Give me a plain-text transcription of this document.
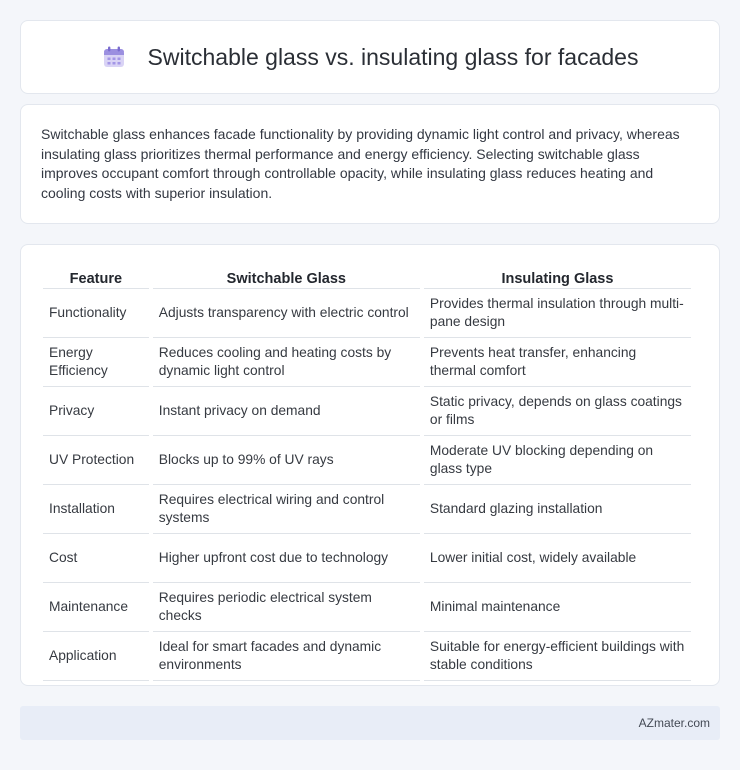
Switchable glass vs. insulating glass for facades

Switchable glass enhances facade functionality by providing dynamic light control and privacy, whereas insulating glass prioritizes thermal performance and energy efficiency. Selecting switchable glass improves occupant comfort through controllable opacity, while insulating glass reduces heating and cooling costs with superior insulation.

Feature	Switchable Glass	Insulating Glass
Functionality	Adjusts transparency with electric control	Provides thermal insulation through multi-pane design
Energy Efficiency	Reduces cooling and heating costs by dynamic light control	Prevents heat transfer, enhancing thermal comfort
Privacy	Instant privacy on demand	Static privacy, depends on glass coatings or films
UV Protection	Blocks up to 99% of UV rays	Moderate UV blocking depending on glass type
Installation	Requires electrical wiring and control systems	Standard glazing installation
Cost	Higher upfront cost due to technology	Lower initial cost, widely available
Maintenance	Requires periodic electrical system checks	Minimal maintenance
Application	Ideal for smart facades and dynamic environments	Suitable for energy-efficient buildings with stable conditions
AZmater.com
